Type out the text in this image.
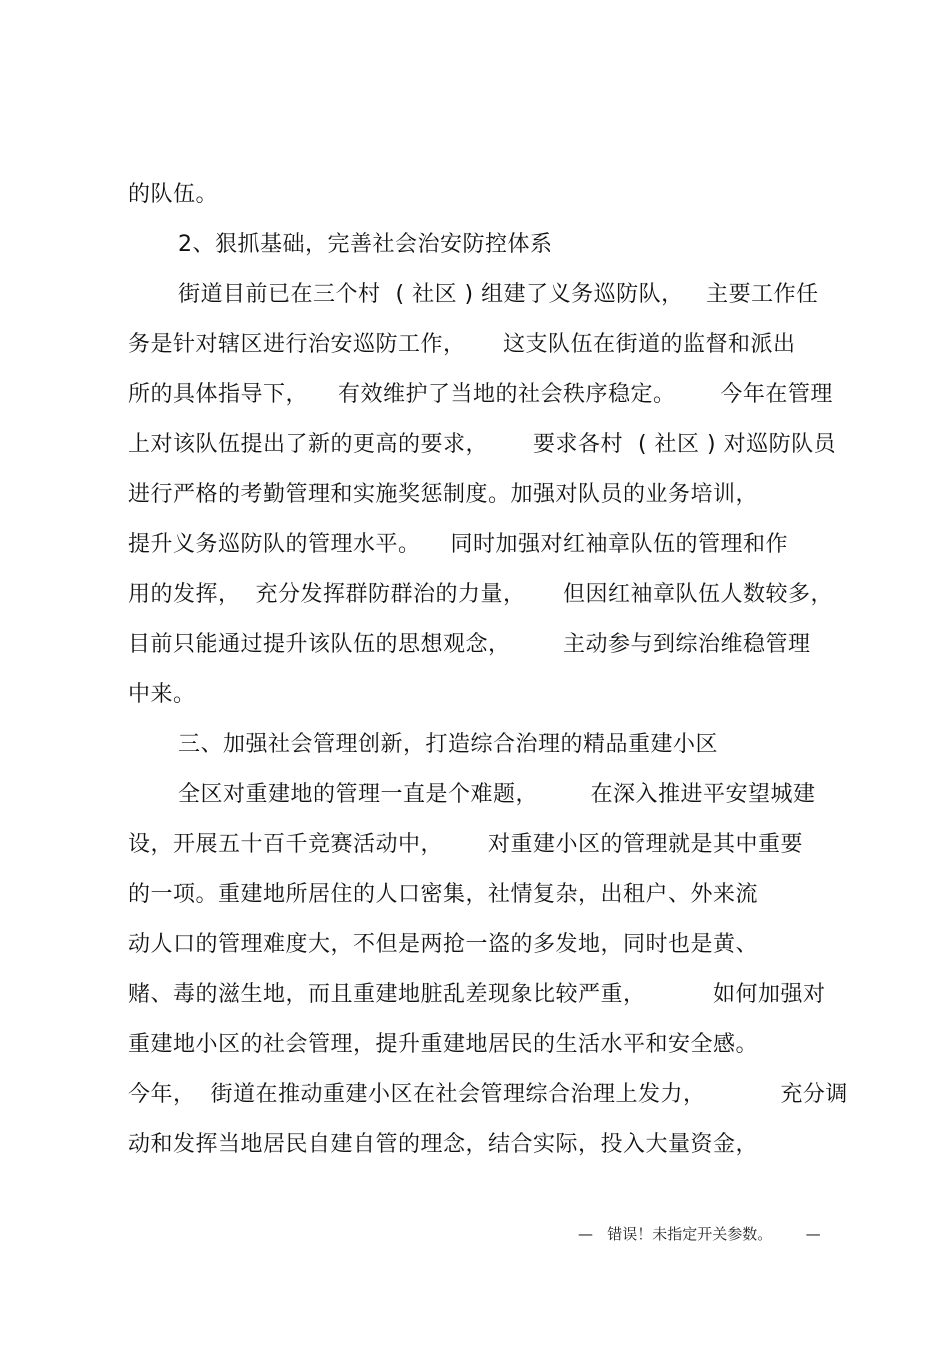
的队伍。
2、狠抓基础，完善社会治安防控体系
街道目前已在三个村  ( 社区 ) 组建了义务巡防队，   主要工作任
务是针对辖区进行治安巡防工作，     这支队伍在街道的监督和派出
所的具体指导下，    有效维护了当地的社会秩序稳定。      今年在管理
上对该队伍提出了新的更高的要求，      要求各村  ( 社区 ) 对巡防队员
进行严格的考勤管理和实施奖惩制度。加强对队员的业务培训，
提升义务巡防队的管理水平。    同时加强对红袖章队伍的管理和作
用的发挥，  充分发挥群防群治的力量，     但因红袖章队伍人数较多，
目前只能通过提升该队伍的思想观念，       主动参与到综治维稳管理
中来。
三、加强社会管理创新，打造综合治理的精品重建小区
全区对重建地的管理一直是个难题，       在深入推进平安望城建
设，开展五十百千竞赛活动中，      对重建小区的管理就是其中重要
的一项。重建地所居住的人口密集，社情复杂，出租户、外来流
动人口的管理难度大，不但是两抢一盗的多发地，同时也是黄、
赌、毒的滋生地，而且重建地脏乱差现象比较严重，         如何加强对
重建地小区的社会管理，提升重建地居民的生活水平和安全感。
今年，  街道在推动重建小区在社会管理综合治理上发力，          充分调
动和发挥当地居民自建自管的理念，结合实际，投入大量资金，
—   错误！未指定开关参数。       —
